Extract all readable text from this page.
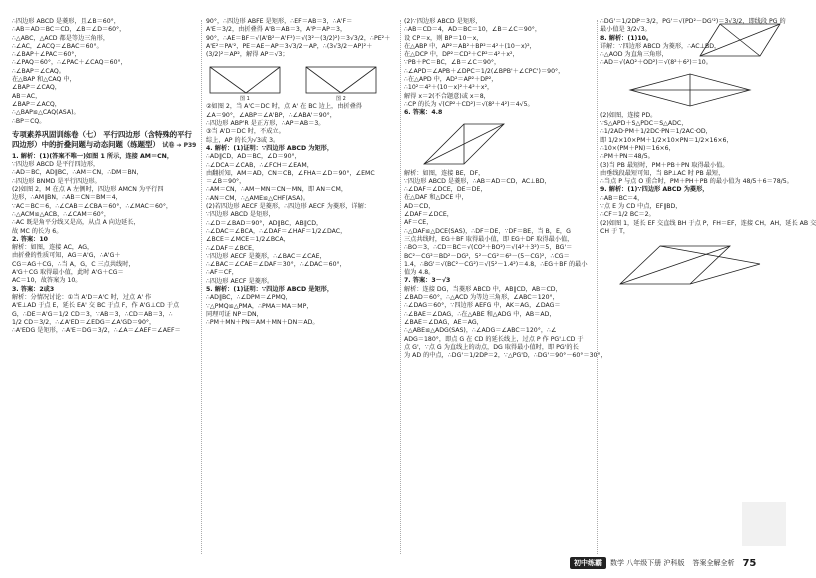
∴四边形 ABCD 是菱形，且∠B＝60°，
∴AB＝AD＝BC＝CD，∠B＝∠D＝60°，
∴△ABC，△ACD 都是等边三角形，
∴∠AC，∠ACQ＝∠BAC＝60°。
∴∠BAP＋∠PAC＝60°，
∴∠PAQ＝60°，∴∠PAC＋∠CAQ＝60°，
∴∠BAP＝∠CAQ。
在△BAP 和△CAQ 中，
∠BAP＝∠CAQ，
AB＝AC，
∠BAP＝∠ACQ，
∴△BAP≌△CAQ(ASA)。
∴BP＝CQ。
专项素养巩固训练卷（七） 平行四边形（含特殊的平行四边形）中的折叠问题与动态问题（练题型） 试卷 ➔ P39
1. 解析：(1)(答案不唯一)如图 1 所示，连接 AM＝CN，
∵四边形 ABCD 是平行四边形，
∴AD＝BC，AD∥BC，∴AM＝CN，∴DM＝BN，
∴四边形 BNMD 是平行四边形。
(2)如图 2，M 在点 A 左侧时，四边形 AMCN 为平行四
边形，∴AM∥BN，∴AB＝CN＝BM＝4，
∵AC＝BC＝6，∴∠CAB＝∠CBA＝60°，∴∠MAC＝60°，
∴△ACM≌△ACB，∴∠CAM＝60°，
∴AC 既是角平分线又是高，从点 A 向边延长，
故 MC 的长为 6。
2. 答案：10
解析：如图，连接 AC，AG，
由折叠的性质可知，AG＝A'G，∴A'G＋
CG＝AG＋CG，∴当 A，G，C 三点共线时，
A'G＋CG 取得最小值，此时 A'G＋CG＝
AC＝10，故答案为 10。
3. 答案：2或3
解析：分情况讨论：①当 A'D＝A'C 时，过点 A' 作
A'E⊥AD 于点 E，延长 EA' 交 BC 于点 F，作 A'G⊥CD 于点
G，∴DE＝A'G＝1/2 CD＝3，∵AB＝3，∴CD＝AB＝3，∴
1/2 CD＝3/2，∴∠A'ED＝∠EDG＝∠A'GD＝90°，
∴A'EDG 是矩形，∴A'E＝DG＝3/2，∴∠A＝∠AEF＝∠AEF＝
90°，∴四边形 ABFE 是矩形，∴EF＝AB＝3，∴A'F＝
A'E＝3/2，由折叠得 A'B＝AB＝3，A'P＝AP＝3，
90°，∴AE＝BF＝√(A'B²－A'F²)＝√(3²－(3/2)²)＝3√3/2，∴PE²＋
A'E²＝PA'²，PE＝AE－AP＝3√3/2－AP，∴(3√3/2－AP)²＋
(3/2)²＝AP²，解得 AP＝√3；
图 1	图 2
②如图 2，当 A'C＝DC 时，点 A' 在 BC 边上，由折叠得
∠A＝90°，∠ABP＝∠A'BP，∴∠ABA'＝90°，
∴四边形 ABP'R 是正方形，∴AP＝AB＝3。
③当 A'D＝DC 时，不成立。
综上，AP 的长为√3或 3。
4. 解析：(1)证明：∵四边形 ABCD 为矩形，
∴AD∥CD，AD＝BC，∠D＝90°，
∴∠DCA＝∠CAB，∴∠FCH＝∠EAM，
由翻折知，AM＝AD，CN＝CB，∠FHA＝∠D＝90°，∠EMC
＝∠B＝90°，
∴AM＝CN，∴AM－MN＝CN－MN，即 AN＝CM，
∴AN＝CM，∴△AME≌△CHF(ASA)。
(2)若四边形 AECF 是菱形，∴四边形 AECF 为菱形，详解：
∵四边形 ABCD 是矩形，
∴∠D＝∠BAD＝90°，AD∥BC，AB∥CD，
∴∠DAC＝∠BCA，∴∠DAF＝∠HAF＝1/2∠DAC，
∠BCE＝∠MCE＝1/2∠BCA，
∴∠DAF＝∠BCE，
∵四边形 AECF 是菱形，∴∠BAC＝∠CAE，
∴∠BAC＝∠CAE＝∠DAF＝30°，∴∠DAC＝60°，
∴AF＝CF，
∴四边形 AECF 是菱形。
5. 解析：(1)证明：∵四边形 ABCD 是矩形，
∴AD∥BC，∴∠DPM＝∠PMQ，
∵△PMQ≌△PMA，∴PMA＝MA＝MP，
同理可证 NP＝DN，
∴PM＋MN＋PN＝AM＋MN＋DN＝AD。
(2)∵四边形 ABCD 是矩形，
∴AB＝CD＝4，AD＝BC＝10，∠B＝∠C＝90°，
设 CP＝x，则 BP＝10－x，
在△ABP 中，AP²＝AB²＋BP²＝4²＋(10－x)²，
在△DCP 中，DP²＝CD²＋CP²＝4²＋x²，
∵PB＋PC＝BC，∠B＝∠C＝90°，
∴∠APD＝∠APB＋∠DPC＝1/2(∠BPB'＋∠CPC')＝90°，
∴在△APD 中，AD²＝AP²＋DP²，
∴10²＝4²＋(10－x)²＋4²＋x²，
解得 x＝2(不合题意)或 x＝8，
∴CP 的长为 √(CP²＋CD²)＝√(8²＋4²)＝4√5。
6. 答案：4.8
解析：如图，连接 BE，DF，
∵四边形 ABCD 是菱形，∴AB＝AD＝CD，AC⊥BD，
∴∠DAF＝∠DCE，DE＝DE，
在△DAF 和△DCE 中，
AD＝CD，
∠DAF＝∠DCE，
AF＝CE，
∴△DAF≌△DCE(SAS)，∴DF＝DE，∵DF＝BE，当 B，E，G
三点共线时，EG＋BF 取得最小值，即 EG＋DF 取得最小值，
∴BO＝3，∴CD＝BC＝√(CO²＋BO²)＝√(4²＋3²)＝5，BG'＝
BC²－CG²＝BD²－DG²，5²－CG²＝6²－(5－CG)²，∴CG＝
1.4，∴BG'＝√(BC²－CG²)＝√(5²－1.4²)＝4.8，∴EG＋BF 的最小
值为 4.8。
7. 答案：3－√3
解析：连接 DG，当菱形 ABCD 中，AB∥CD，AB＝CD，
∠BAD＝60°，∴△ACD 为等边三角形，∠ABC＝120°，
∴∠DAG＝60°，∵四边形 AEFG 中，AK＝AG，∠DAG＝
∴∠BAE＝∠DAG，∴在△ABE 和△ADG 中，AB＝AD，
∠BAE＝∠DAG，AE＝AG，
∴△ABE≌△ADG(SAS)，∴∠ADG＝∠ABC＝120°，∴∠
ADG＝180°，即点 G 在 CD 的延长线上，过点 P 作 PG'⊥CD 于
点 G'，∵点 G 为直线上的动点，DG 取得最小值时，即 PG'的长
为 AD 的中点，∴DG'＝1/2DP＝2，∵△PG'D，∴DG'＝90°－60°＝30°，
∴DG'＝1/2DP＝3/2，PG'＝√(PD²－DG'²)＝3√3/2，即线段 PG 的
最小值是 3/2√3。
8. 解析：(1)10。
详解：∵四边形 ABCD 为菱形，∴AC⊥BD，
∴△AOD 为直角三角形，
∴AD＝√(AO²＋OD²)＝√(8²＋6²)＝10。
(2)如图，连接 PD。
∵S△APD＋S△PDC＝S△ADC，
∴1/2AD·PM＋1/2DC·PN＝1/2AC·OD，
即 1/2×10×PM＋1/2×10×PN＝1/2×16×6，
∴10×(PM＋PN)＝16×6，
∴PM＋PN＝48/5。
(3)当 PB 最短时，PM＋PB＋PN 取得最小值。
由垂线段最短可知，当 BP⊥AC 时 PB 最短，
∴当点 P 与点 O 重合时，PM＋PH＋PB 的最小值为 48/5＋6＝78/5。
9. 解析：(1)∵四边形 ABCD 为菱形，
∴AB＝BC＝4，
∵点 E 为 CD 中点，EF∥BD，
∴CF＝1/2 BC＝2。
(2)如图 1，延长 EF 交直线 BH 于点 P，FH＝EF，连接 CH，AH，延长 AB 交
CH 于 T，
初中练霸	数学 八年级下册 沪科版 答案全解全析 75
